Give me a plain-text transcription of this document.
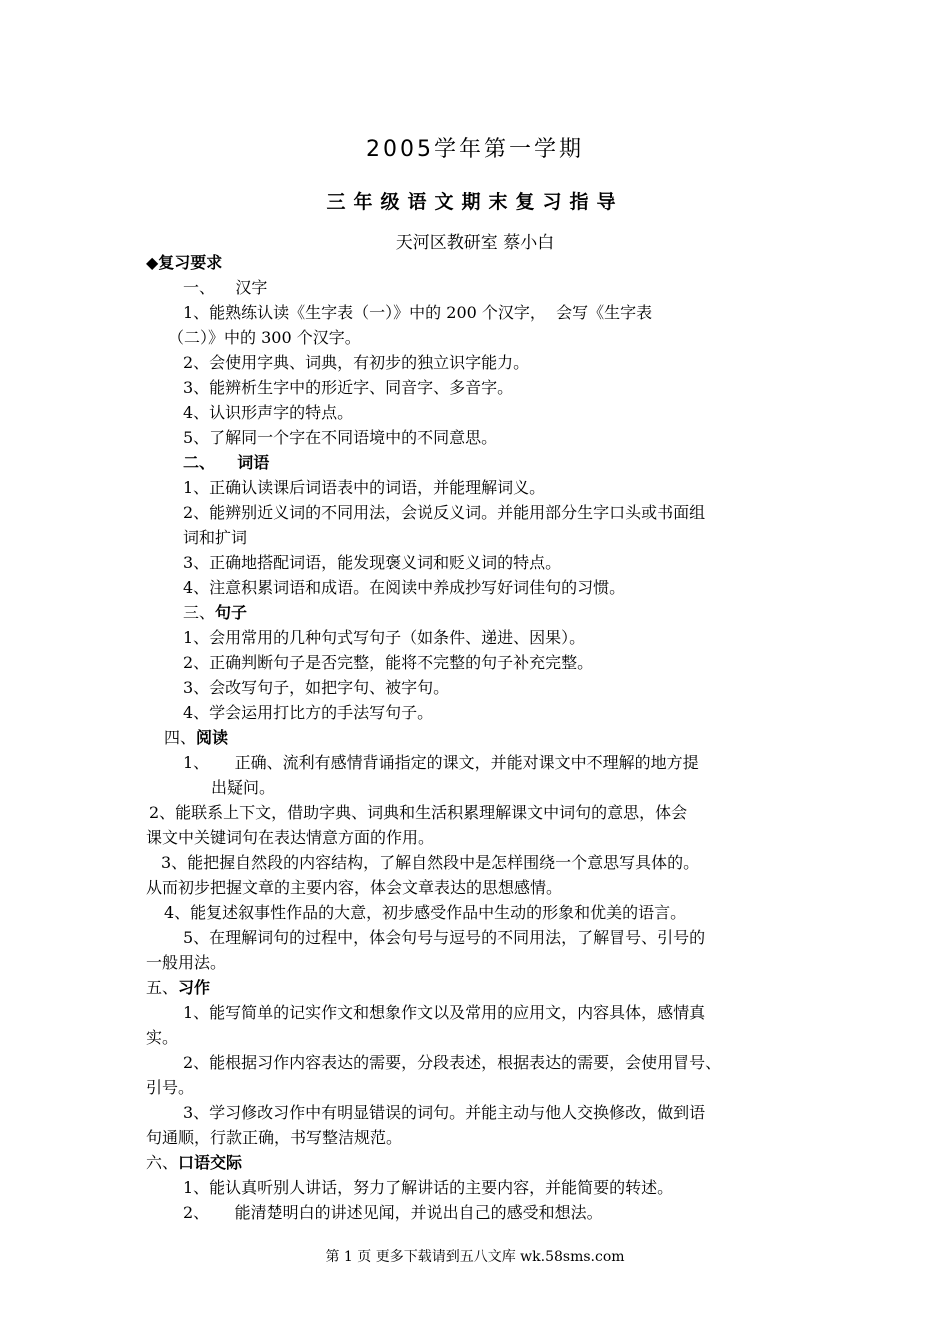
2005学年第一学期
三年级语文期末复习指导
天河区教研室 蔡小白
◆复习要求
一、    汉字
1、能熟练认读《生字表（一）》中的 200 个汉字，  会写《生字表
（二）》中的 300 个汉字。
2、会使用字典、词典，有初步的独立识字能力。
3、能辨析生字中的形近字、同音字、多音字。
4、认识形声字的特点。
5、了解同一个字在不同语境中的不同意思。
二、    词语
1、正确认读课后词语表中的词语，并能理解词义。
2、能辨别近义词的不同用法，会说反义词。并能用部分生字口头或书面组
词和扩词
3、正确地搭配词语，能发现褒义词和贬义词的特点。
4、注意积累词语和成语。在阅读中养成抄写好词佳句的习惯。
三、句子
1、会用常用的几种句式写句子（如条件、递进、因果）。
2、正确判断句子是否完整，能将不完整的句子补充完整。
3、会改写句子，如把字句、被字句。
4、学会运用打比方的手法写句子。
四、阅读
1、     正确、流利有感情背诵指定的课文，并能对课文中不理解的地方提
出疑问。
2、能联系上下文，借助字典、词典和生活积累理解课文中词句的意思，体会
课文中关键词句在表达情意方面的作用。
3、能把握自然段的内容结构，了解自然段中是怎样围绕一个意思写具体的。
从而初步把握文章的主要内容，体会文章表达的思想感情。
4、能复述叙事性作品的大意，初步感受作品中生动的形象和优美的语言。
5、在理解词句的过程中，体会句号与逗号的不同用法，了解冒号、引号的
一般用法。
五、习作
1、能写简单的记实作文和想象作文以及常用的应用文，内容具体，感情真
实。
2、能根据习作内容表达的需要，分段表述，根据表达的需要，会使用冒号、
引号。
3、学习修改习作中有明显错误的词句。并能主动与他人交换修改，做到语
句通顺，行款正确，书写整洁规范。
六、口语交际
1、能认真听别人讲话，努力了解讲话的主要内容，并能简要的转述。
2、     能清楚明白的讲述见闻，并说出自己的感受和想法。
第 1 页 更多下载请到五八文库 wk.58sms.com
